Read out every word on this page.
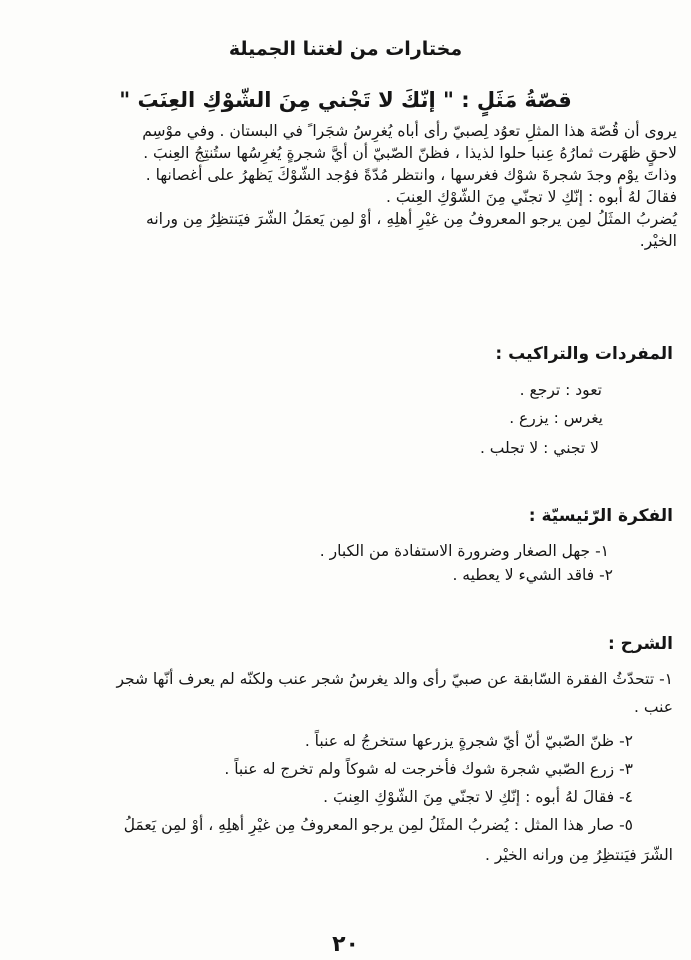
مختارات من لغتنا الجميلة
قصّةُ مَثَلٍ : " إنّكَ لا تَجْني مِنَ الشّوْكِ العِنَبَ "

يروى أن قُصّة هذا المثلِ تعوُد لِصبيّ رأى أباه يُغرِسُ شجَرا ً في البستان . وفي موْسِم

لاحقٍ ظهَرت ثمارُهُ عِنبا حلوا لذيذا ، فظنّ الصّبيّ أن أيَّ شجرةٍ يُغرِسُها ستُنتِجُ العِنبَ .

وذاتَ يوْم وجدَ شجرةَ شوْك فغرسها ، وانتظر مُدّةً فوُجد الشّوْكَ يَظهرُ على أغصانها .

فقالَ لهُ أبوه : إنّكِ لا تجنّي مِنَ الشّوْكِ العِنبَ .

يُضربُ المثَلُ لمِن يرجو المعروفُ مِن غيْرِ أهلِهِ ، أوْ لمِن يَعمَلُ الشّرَ فيَنتظِرُ مِن ورانه

الخيْر.

المفردات والتراكيب :
تعود : ترجع .
يغرس : يزرع .
لا تجني : لا تجلب .
الفكرة الرّئيسيّة :
١- جهل الصغار وضرورة الاستفادة من الكبار .
٢- فاقد الشيء لا يعطيه .
الشرح :
١- تتحدّثُ الفقرة السّابقة عن صبيّ رأى والد يغرسُ شجر عنب ولكنّه لم يعرف أنّها شجر
عنب .
٢- ظنّ الصّبيّ أنّ أيّ شجرةٍ يزرعها ستخرجُ له عنباً .
٣- زرع الصّبي شجرة شوك فأخرجت له شوكاً ولم تخرج له عنباً .
٤- فقالَ لهُ أبوه : إنّكِ لا تجنّي مِنَ الشّوْكِ العِنبَ .
٥- صار هذا المثل : يُضربُ المثَلُ لمِن يرجو المعروفُ مِن غيْرِ أهلِهِ ، أوْ لمِن يَعمَلُ
الشّرَ فيَنتظِرُ مِن ورانه الخيْر .
٢٠
